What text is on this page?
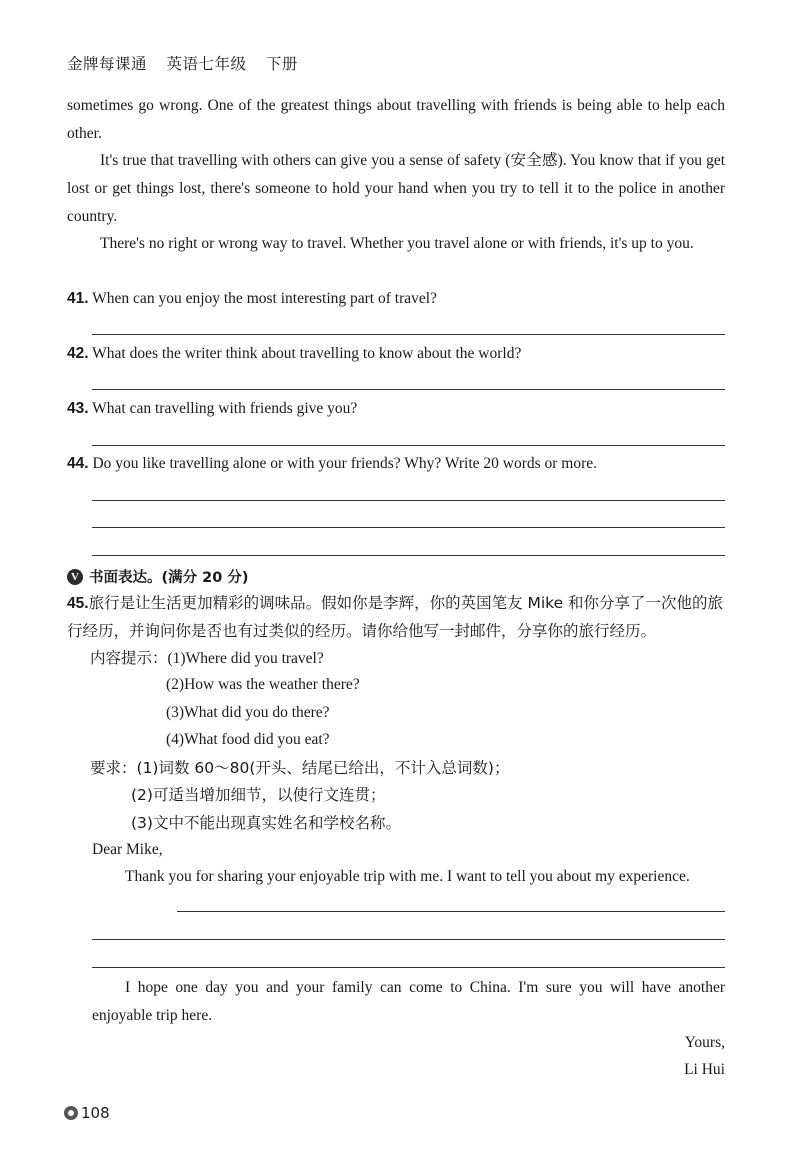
金牌每课通 英语七年级 下册
sometimes go wrong. One of the greatest things about travelling with friends is being able to help each other.
It's true that travelling with others can give you a sense of safety (安全感). You know that if you get lost or get things lost, there's someone to hold your hand when you try to tell it to the police in another country.
There's no right or wrong way to travel. Whether you travel alone or with friends, it's up to you.
41. When can you enjoy the most interesting part of travel?
42. What does the writer think about travelling to know about the world?
43. What can travelling with friends give you?
44. Do you like travelling alone or with your friends? Why? Write 20 words or more.
V 书面表达。(满分 20 分)
45.旅行是让生活更加精彩的调味品。假如你是李辉，你的英国笔友 Mike 和你分享了一次他的旅行经历，并询问你是否也有过类似的经历。请你给他写一封邮件，分享你的旅行经历。
内容提示：(1)Where did you travel?
(2)How was the weather there?
(3)What did you do there?
(4)What food did you eat?
要求：(1)词数 60～80(开头、结尾已给出，不计入总词数)；
(2)可适当增加细节，以使行文连贯；
(3)文中不能出现真实姓名和学校名称。
Dear Mike,
Thank you for sharing your enjoyable trip with me. I want to tell you about my experience.
I hope one day you and your family can come to China. I'm sure you will have another enjoyable trip here.
Yours,
Li Hui
108
